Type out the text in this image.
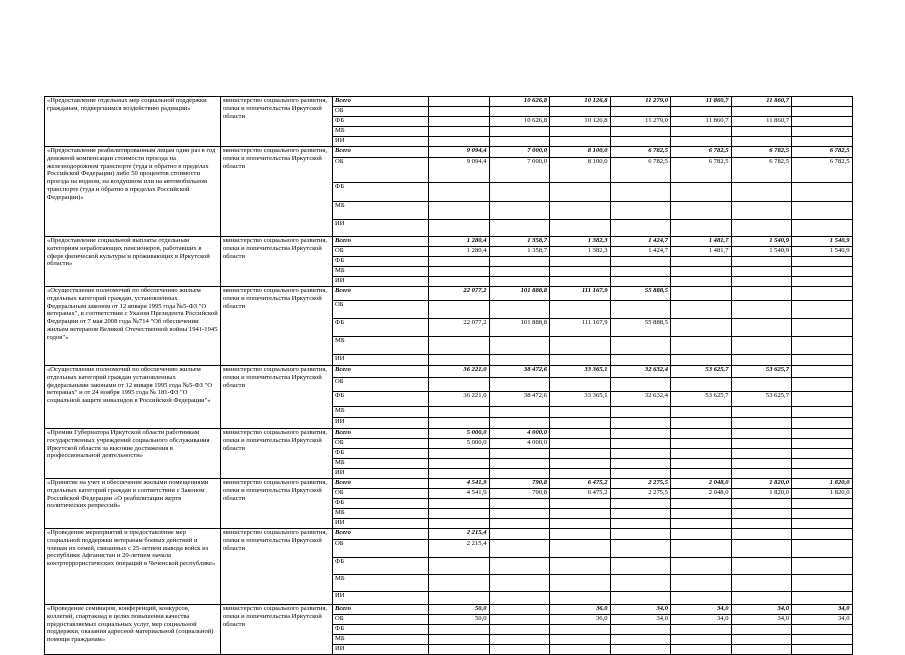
«Предоставление отдельных мер социальной поддержки гражданам, подвергшимся воздействию радиации»	министерство социального развития, опеки и попечительства Иркутской области	Всего		10 626,8	10 126,8	11 279,0	11 860,7	11 860,7	
		ОБ							
		ФБ		10 626,8	10 126,8	11 279,0	11 860,7	11 860,7	
		МБ							
		ИИ							
«Предоставление реабилитированным лицам один раз в год денежной компенсации стоимости проезда на железнодорожном транспорте (туда и обратно в пределах Российской Федерации) либо 50 процентов стоимости проезда на водном, на воздушном или на автомобильном транспорте (туда и обратно в пределах Российской Федерации)»	министерство социального развития, опеки и попечительства Иркутской области	Всего	9 094,4	7 000,0	8 100,0	6 782,5	6 782,5	6 782,5	6 782,5
		ОБ	9 094,4	7 000,0	8 100,0	6 782,5	6 782,5	6 782,5	6 782,5
		ФБ							
		МБ							
		ИИ							
«Предоставление социальной выплаты отдельным категориям неработающих пенсионеров, работавших в сфере физической культуры и проживающих в Иркутской области»	министерство социального развития, опеки и попечительства Иркутской области	Всего	1 280,4	1 358,7	1 382,3	1 424,7	1 481,7	1 540,9	1 540,9
		ОБ	1 280,4	1 358,7	1 382,3	1 424,7	1 481,7	1 540,9	1 540,9
		ФБ							
		МБ							
		ИИ							
«Осуществление полномочий по обеспечению жильем отдельных категорий граждан, установленных Федеральным законом от 12 января 1995 года №5-ФЗ "О ветеранах", в соответствии с Указом Президента Российской Федерации от 7 мая 2008 года №714 "Об обеспечении жильем ветеранов Великой Отечественной войны 1941-1945 годов"»	министерство социального развития, опеки и попечительства Иркутской области	Всего	22 077,2	101 888,8	111 167,9	55 888,5			
		ОБ							
		ФБ	22 077,2	101 888,8	111 167,9	55 888,5			
		МБ							
		ИИ							
«Осуществление полномочий по обеспечению жильем отдельных категорий граждан установленных федеральными законами от 12 января 1995 года №5-ФЗ "О ветеранах" и от 24 ноября 1995 года № 181-ФЗ "О социальной защите инвалидов в Российской Федерации"»	министерство социального развития, опеки и попечительства Иркутской области	Всего	36 221,0	38 472,6	33 365,1	32 632,4	53 625,7	53 625,7	
		ОБ							
		ФБ	36 221,0	38 472,6	33 365,1	32 632,4	53 625,7	53 625,7	
		МБ							
		ИИ							
«Премии Губернатора Иркутской области работникам государственных учреждений социального обслуживания Иркутской области за высокие достижения в профессиональной деятельности»	министерство социального развития, опеки и попечительства Иркутской области	Всего	5 000,0	4 000,0					
		ОБ	5 000,0	4 000,0					
		ФБ							
		МБ							
		ИИ							
«Принятие на учет и обеспечение жилыми помещениями отдельных категорий граждан в соответствии с Законом Российской Федерации «О реабилитации жертв политических репрессий»	министерство социального развития, опеки и попечительства Иркутской области	Всего	4 541,9	790,8	6 475,2	2 275,5	2 048,0	1 820,0	1 820,0
		ОБ	4 541,9	790,8	6 475,2	2 275,5	2 048,0	1 820,0	1 820,0
		ФБ							
		МБ							
		ИИ							
«Проведение мероприятий и предоставление мер социальной поддержки ветеранам боевых действий и членам их семей, связанных с 25-летием вывода войск из республики Афганистан и 20-летием начала контртеррористических операций в Чеченской республике»	министерство социального развития, опеки и попечительства Иркутской области	Всего	2 215,4						
		ОБ	2 215,4						
		ФБ							
		МБ							
		ИИ							
«Проведение семинаров, конференций, конкурсов, коллегий, спартакиад в целях повышения качества предоставляемых социальных услуг, мер социальной поддержки, оказания адресной материальной (социальной) помощи гражданам»	министерство социального развития, опеки и попечительства Иркутской области	Всего	50,0		36,0	34,0	34,0	34,0	34,0
		ОБ	50,0		36,0	34,0	34,0	34,0	34,0
		ФБ							
		МБ							
		ИИ							
